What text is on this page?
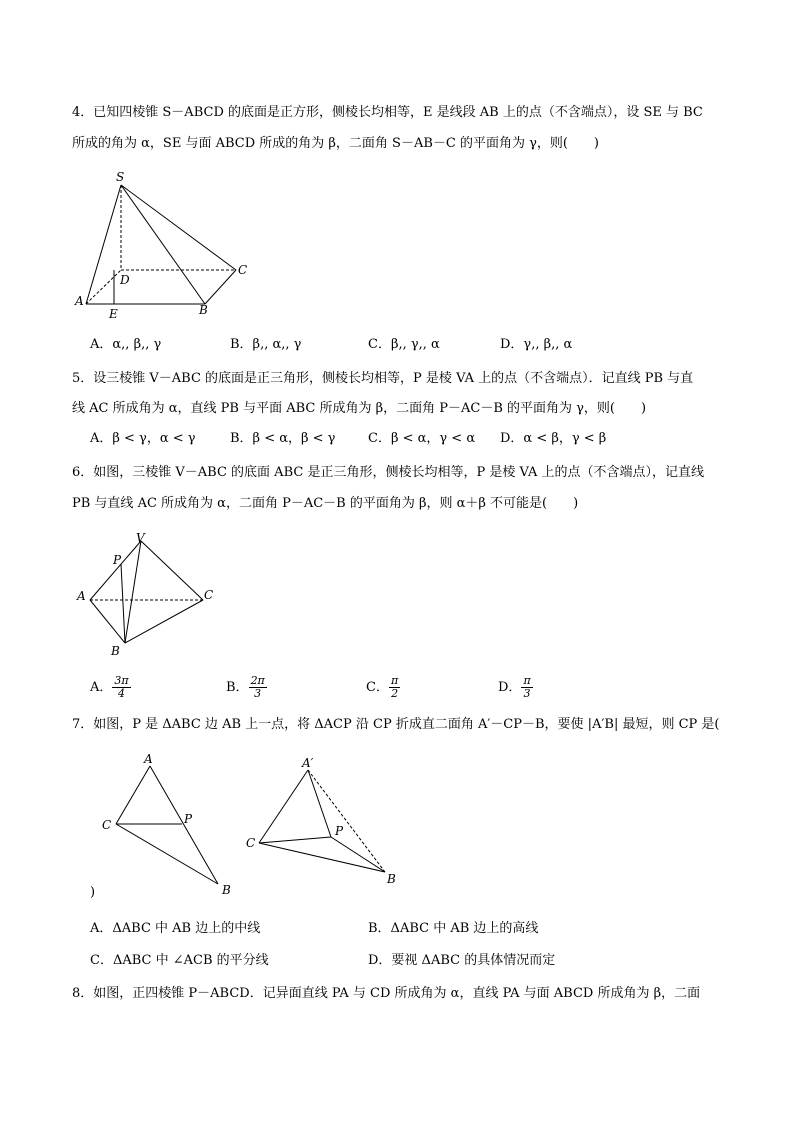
4．已知四棱锥 S－ABCD 的底面是正方形，侧棱长均相等，E 是线段 AB 上的点（不含端点），设 SE 与 BC
所成的角为 α，SE 与面 ABCD 所成的角为 β，二面角 S－AB－C 的平面角为 γ，则(　　)
S
D
C
A
E	B
A．α,, β,, γ	B．β,, α,, γ	C．β,, γ,, α	D．γ,, β,, α
5．设三棱锥 V－ABC 的底面是正三角形，侧棱长均相等，P 是棱 VA 上的点（不含端点）．记直线 PB 与直
线 AC 所成角为 α，直线 PB 与平面 ABC 所成角为 β，二面角 P－AC－B 的平面角为 γ，则(　　)
A．β < γ，α < γ	B．β < α，β < γ	C．β < α，γ < α D．α < β，γ < β
6．如图，三棱锥 V－ABC 的底面 ABC 是正三角形，侧棱长均相等，P 是棱 VA 上的点（不含端点），记直线
PB 与直线 AC 所成角为 α，二面角 P－AC－B 的平面角为 β，则 α＋β 不可能是(　　)
V
P
A	C
B
A． $\frac{3\pi}{4}$	B． $\frac{2\pi}{3}$	C． $\frac{\pi}{2}$	D． $\frac{\pi}{3}$
7．如图，P 是 ΔABC 边 AB 上一点，将 ΔACP 沿 CP 折成直二面角 A′－CP－B，要使 |A′B| 最短，则 CP 是(
A
C	P
B
A′
C
P
B
)
A．ΔABC 中 AB 边上的中线	B．ΔABC 中 AB 边上的高线
C．ΔABC 中 ∠ACB 的平分线	D．要视 ΔABC 的具体情况而定
8．如图，正四棱锥 P－ABCD．记异面直线 PA 与 CD 所成角为 α，直线 PA 与面 ABCD 所成角为 β，二面
